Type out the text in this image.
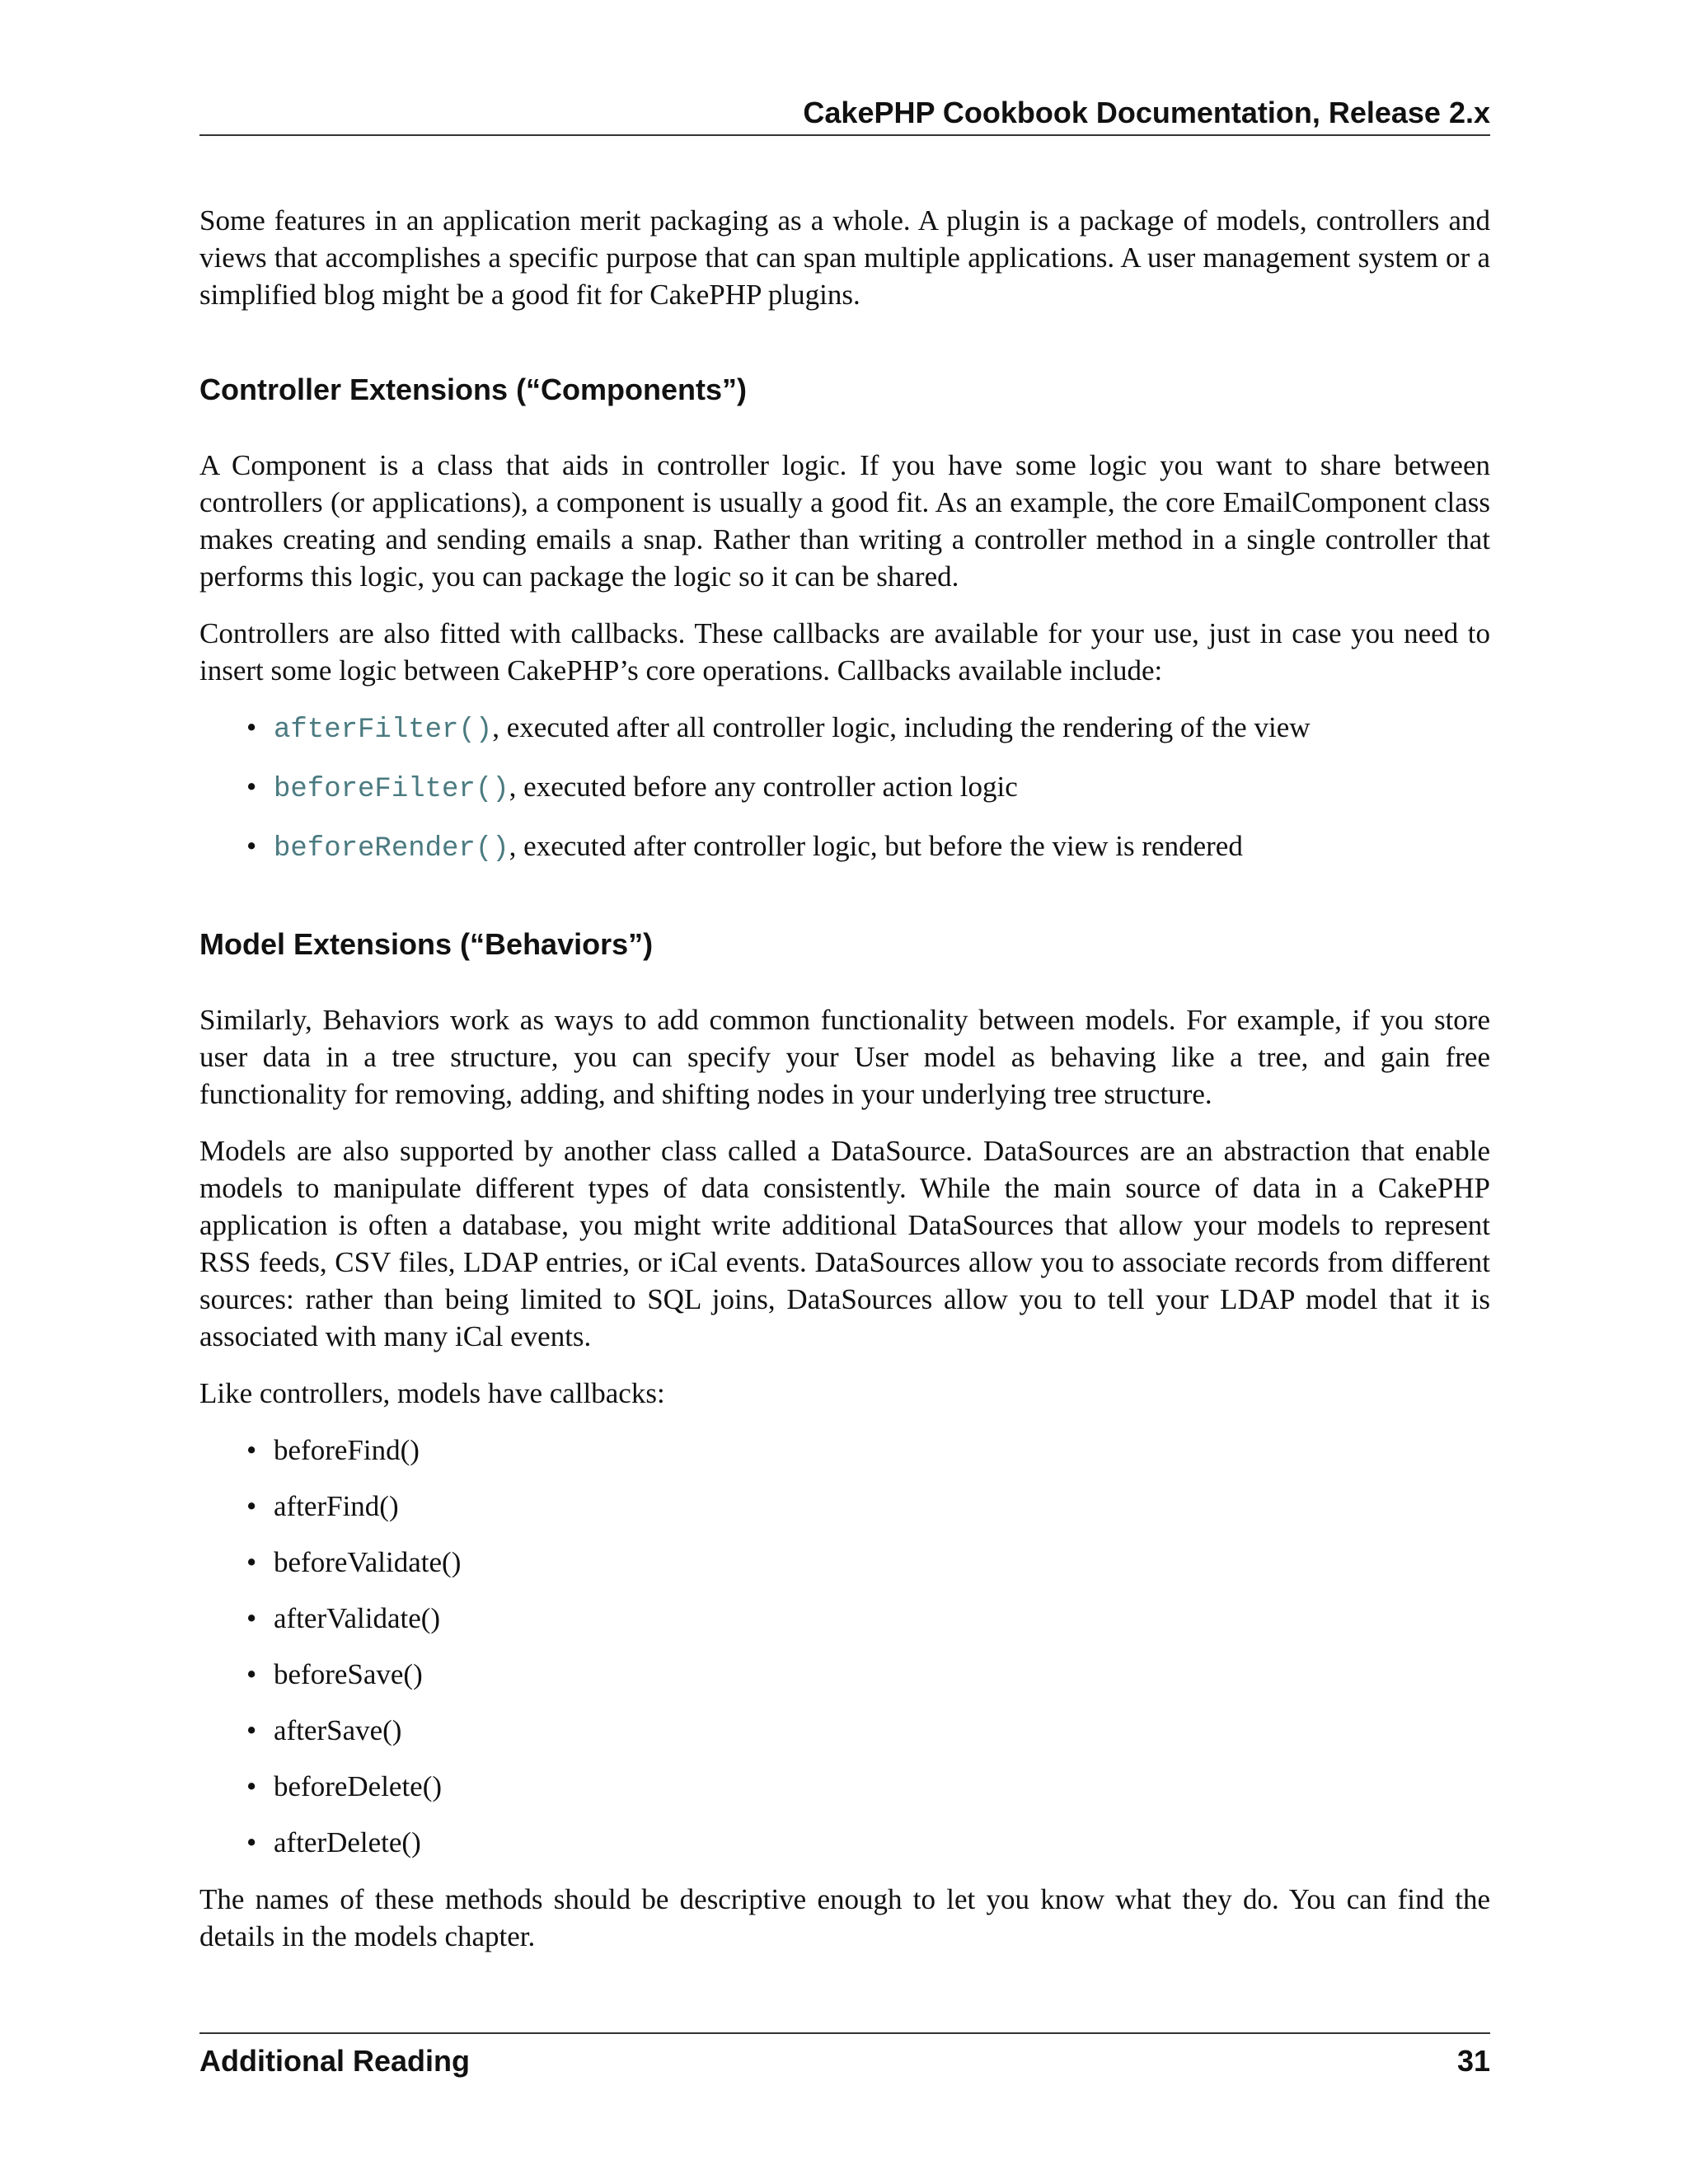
CakePHP Cookbook Documentation, Release 2.x

Some features in an application merit packaging as a whole. A plugin is a package of models, controllers and views that accomplishes a specific purpose that can span multiple applications. A user management system or a simplified blog might be a good fit for CakePHP plugins.

Controller Extensions (“Components”)

A Component is a class that aids in controller logic. If you have some logic you want to share between controllers (or applications), a component is usually a good fit. As an example, the core EmailComponent class makes creating and sending emails a snap. Rather than writing a controller method in a single controller that performs this logic, you can package the logic so it can be shared.

Controllers are also fitted with callbacks. These callbacks are available for your use, just in case you need to insert some logic between CakePHP’s core operations. Callbacks available include:

• afterFilter(), executed after all controller logic, including the rendering of the view
• beforeFilter(), executed before any controller action logic
• beforeRender(), executed after controller logic, but before the view is rendered
Model Extensions (“Behaviors”)

Similarly, Behaviors work as ways to add common functionality between models. For example, if you store user data in a tree structure, you can specify your User model as behaving like a tree, and gain free functionality for removing, adding, and shifting nodes in your underlying tree structure.

Models are also supported by another class called a DataSource. DataSources are an abstraction that enable models to manipulate different types of data consistently. While the main source of data in a CakePHP application is often a database, you might write additional DataSources that allow your models to represent RSS feeds, CSV files, LDAP entries, or iCal events. DataSources allow you to associate records from different sources: rather than being limited to SQL joins, DataSources allow you to tell your LDAP model that it is associated with many iCal events.

Like controllers, models have callbacks:

• beforeFind()
• afterFind()
• beforeValidate()
• afterValidate()
• beforeSave()
• afterSave()
• beforeDelete()
• afterDelete()

The names of these methods should be descriptive enough to let you know what they do. You can find the details in the models chapter.

Additional Reading	31
